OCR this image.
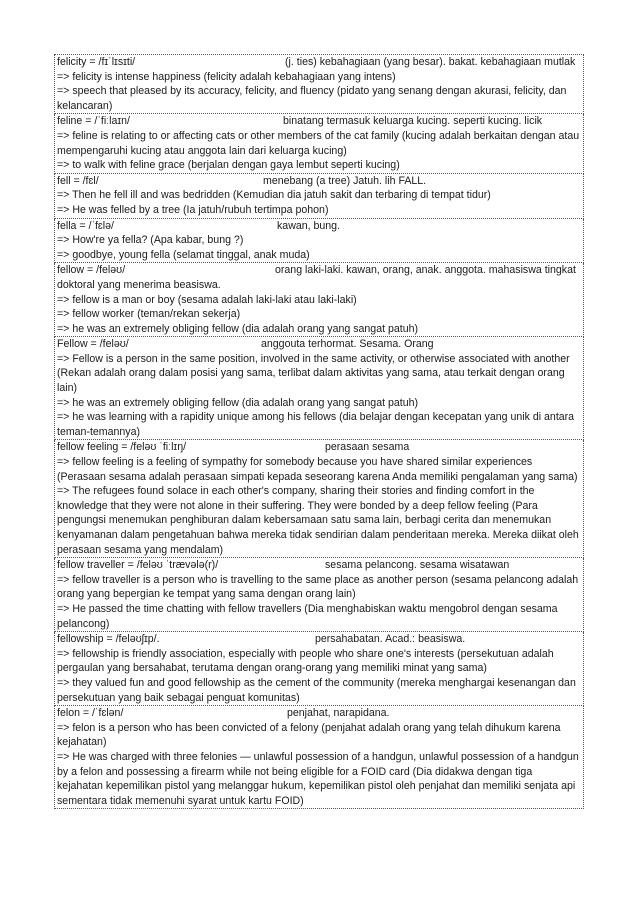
felicity = /fɪˈlɪsɪti/	(j. ties) kebahagiaan (yang besar). bakat. kebahagiaan mutlak
=> felicity is intense happiness (felicity adalah kebahagiaan yang intens)
=> speech that pleased by its accuracy, felicity, and fluency (pidato yang senang dengan akurasi, felicity, dan kelancaran)
feline = /ˈfiːlaɪn/	binatang termasuk keluarga kucing. seperti kucing. licik
=> feline is relating to or affecting cats or other members of the cat family (kucing adalah berkaitan dengan atau mempengaruhi kucing atau anggota lain dari keluarga kucing)
=> to walk with feline grace (berjalan dengan gaya lembut seperti kucing)
fell = /fɛl/	menebang (a tree) Jatuh. lih FALL.
=> Then he fell ill and was bedridden (Kemudian dia jatuh sakit dan terbaring di tempat tidur)
=> He was felled by a tree (Ia jatuh/rubuh tertimpa pohon)
fella = /ˈfɛlə/	kawan, bung.
=> How're ya fella? (Apa kabar, bung ?)
=> goodbye, young fella (selamat tinggal, anak muda)
fellow = /feləʊ/	orang laki-laki. kawan, orang, anak. anggota. mahasiswa tingkat doktoral yang menerima beasiswa.
=> fellow is a man or boy (sesama adalah laki-laki atau laki-laki)
=> fellow worker (teman/rekan sekerja)
=> he was an extremely obliging fellow (dia adalah orang yang sangat patuh)
Fellow = /feləʊ/	anggouta terhormat. Sesama. Orang
=> Fellow is a person in the same position, involved in the same activity, or otherwise associated with another (Rekan adalah orang dalam posisi yang sama, terlibat dalam aktivitas yang sama, atau terkait dengan orang lain)
=> he was an extremely obliging fellow (dia adalah orang yang sangat patuh)
=> he was learning with a rapidity unique among his fellows (dia belajar dengan kecepatan yang unik di antara teman-temannya)
fellow feeling = /feləʊ ˈfiːlɪŋ/	perasaan sesama
=> fellow feeling is a feeling of sympathy for somebody because you have shared similar experiences (Perasaan sesama adalah perasaan simpati kepada seseorang karena Anda memiliki pengalaman yang sama)
=> The refugees found solace in each other's company, sharing their stories and finding comfort in the knowledge that they were not alone in their suffering. They were bonded by a deep fellow feeling (Para pengungsi menemukan penghiburan dalam kebersamaan satu sama lain, berbagi cerita dan menemukan kenyamanan dalam pengetahuan bahwa mereka tidak sendirian dalam penderitaan mereka. Mereka diikat oleh perasaan sesama yang mendalam)
fellow traveller = /feləʊ ˈtrævələ(r)/	sesama pelancong. sesama wisatawan
=> fellow traveller is a person who is travelling to the same place as another person (sesama pelancong adalah orang yang bepergian ke tempat yang sama dengan orang lain)
=> He passed the time chatting with fellow travellers (Dia menghabiskan waktu mengobrol dengan sesama pelancong)
fellowship = /feləʊʃɪp/.	persahabatan. Acad.: beasiswa.
=> fellowship is friendly association, especially with people who share one's interests (persekutuan adalah pergaulan yang bersahabat, terutama dengan orang-orang yang memiliki minat yang sama)
=> they valued fun and good fellowship as the cement of the community (mereka menghargai kesenangan dan persekutuan yang baik sebagai penguat komunitas)
felon = /ˈfɛlən/	penjahat, narapidana.
=> felon is a person who has been convicted of a felony (penjahat adalah orang yang telah dihukum karena kejahatan)
=> He was charged with three felonies — unlawful possession of a handgun, unlawful possession of a handgun by a felon and possessing a firearm while not being eligible for a FOID card (Dia didakwa dengan tiga kejahatan kepemilikan pistol yang melanggar hukum, kepemilikan pistol oleh penjahat dan memiliki senjata api sementara tidak memenuhi syarat untuk kartu FOID)
